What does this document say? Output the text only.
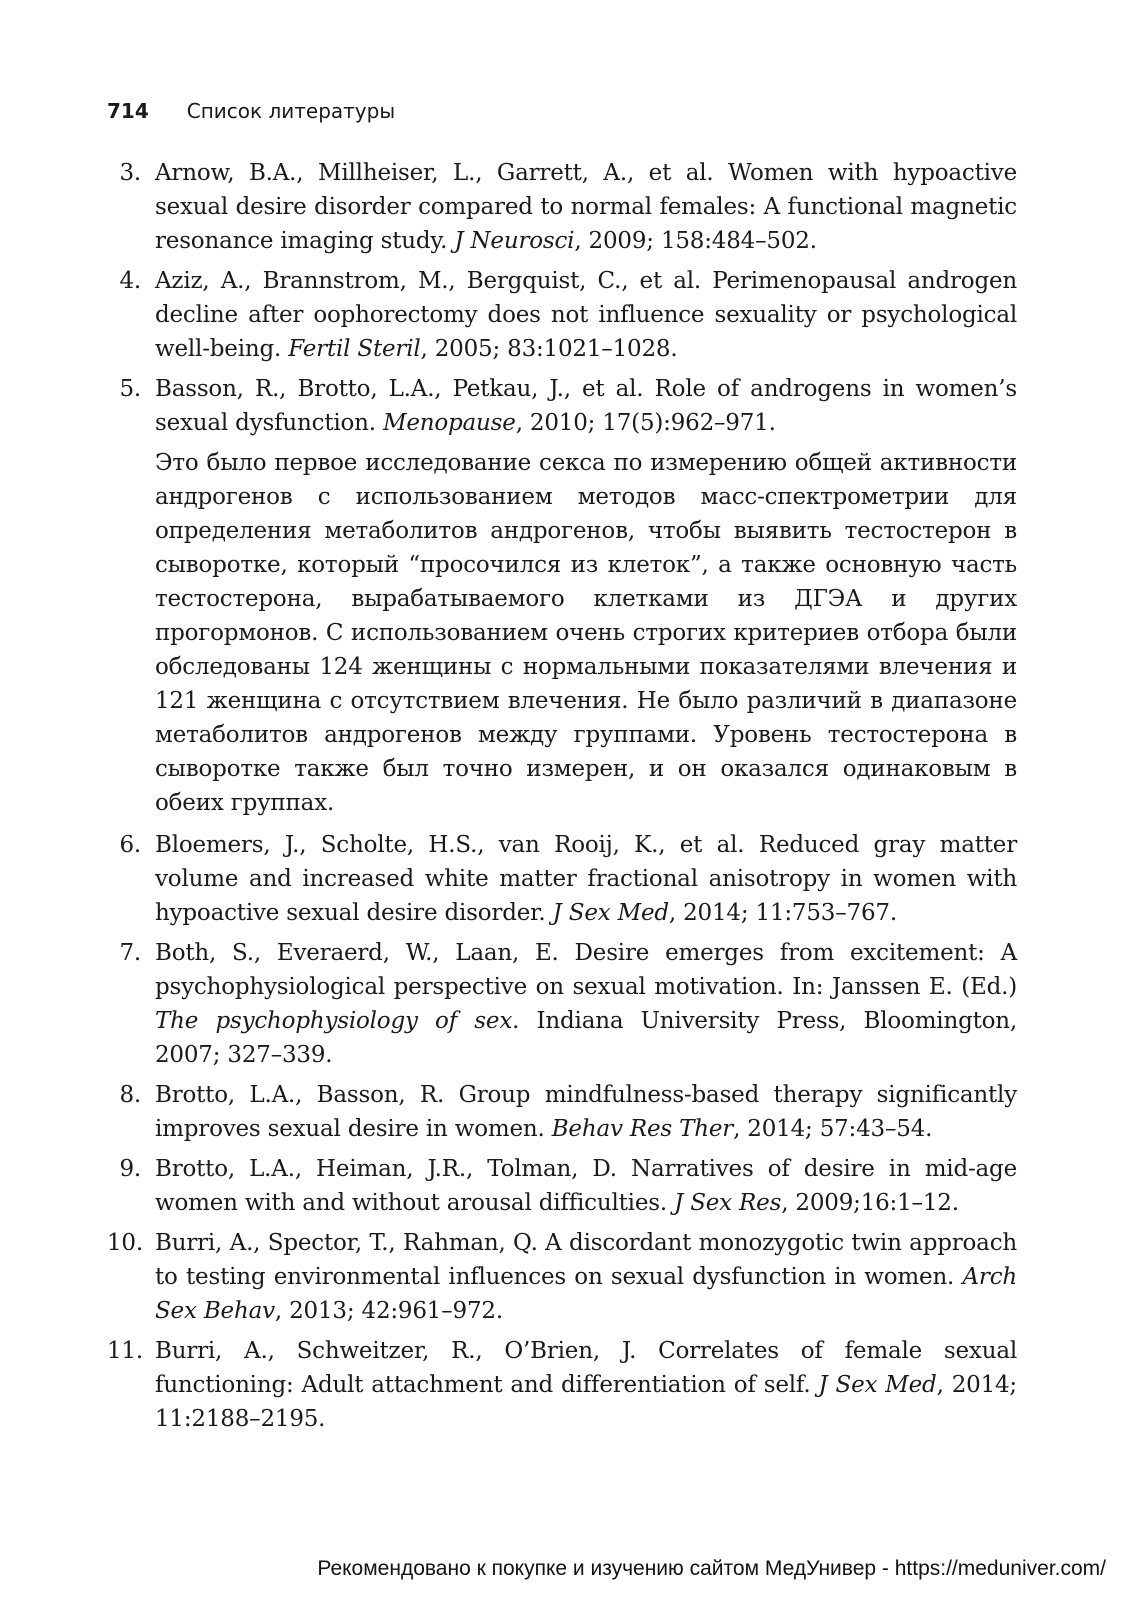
714 Список литературы
3. Arnow, B.A., Millheiser, L., Garrett, A., et al. Women with hypoactive sexual desire disorder compared to normal females: A functional magnetic resonance imaging study. J Neurosci, 2009; 158:484–502.
4. Aziz, A., Brannstrom, M., Bergquist, C., et al. Perimenopausal androgen decline after oophorectomy does not influence sexuality or psychological well-being. Fertil Steril, 2005; 83:1021–1028.
5. Basson, R., Brotto, L.A., Petkau, J., et al. Role of androgens in women’s sexual dysfunction. Menopause, 2010; 17(5):962–971.
Это было первое исследование секса по измерению общей активности андрогенов с использованием методов масс-спектрометрии для определения метаболитов андрогенов, чтобы выявить тестостерон в сыворотке, который “просочился из клеток”, а также основную часть тестостерона, вырабатываемого клетками из ДГЭА и других прогормонов. С использованием очень строгих критериев отбора были обследованы 124 женщины с нормальными показателями влечения и 121 женщина с отсутствием влечения. Не было различий в диапазоне метаболитов андрогенов между группами. Уровень тестостерона в сыворотке также был точно измерен, и он оказался одинаковым в обеих группах.
6. Bloemers, J., Scholte, H.S., van Rooij, K., et al. Reduced gray matter volume and increased white matter fractional anisotropy in women with hypoactive sexual desire disorder. J Sex Med, 2014; 11:753–767.
7. Both, S., Everaerd, W., Laan, E. Desire emerges from excitement: A psychophysiological perspective on sexual motivation. In: Janssen E. (Ed.) The psychophysiology of sex. Indiana University Press, Bloomington, 2007; 327–339.
8. Brotto, L.A., Basson, R. Group mindfulness-based therapy significantly improves sexual desire in women. Behav Res Ther, 2014; 57:43–54.
9. Brotto, L.A., Heiman, J.R., Tolman, D. Narratives of desire in mid-age women with and without arousal difficulties. J Sex Res, 2009;16:1–12.
10. Burri, A., Spector, T., Rahman, Q. A discordant monozygotic twin approach to testing environmental influences on sexual dysfunction in women. Arch Sex Behav, 2013; 42:961–972.
11. Burri, A., Schweitzer, R., O’Brien, J. Correlates of female sexual functioning: Adult attachment and differentiation of self. J Sex Med, 2014; 11:2188–2195.
Рекомендовано к покупке и изучению сайтом МедУнивер - https://meduniver.com/
